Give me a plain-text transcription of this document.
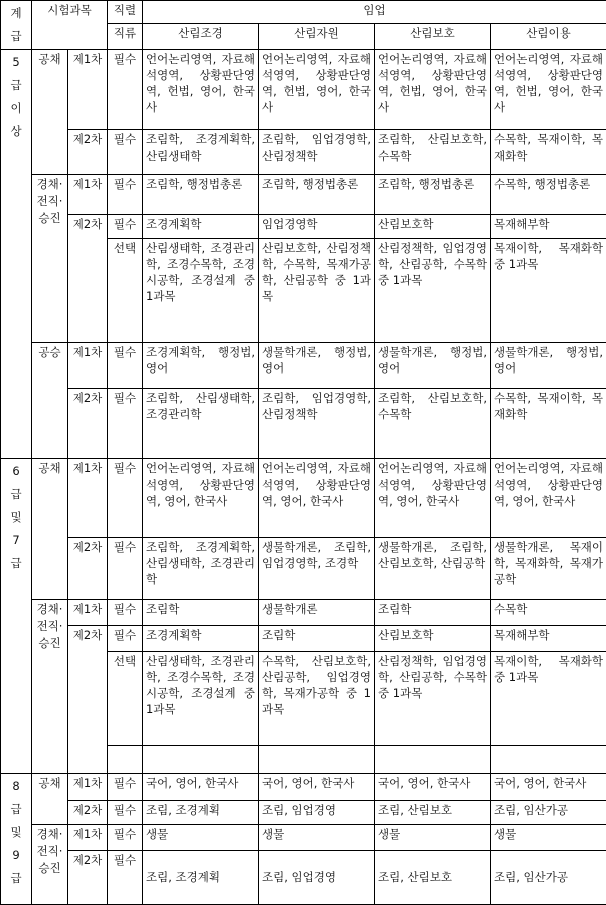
계급	시험과목		직렬	임업			
			직류	산림조경	산림자원	산림보호	산림이용
5급이상	공채	제1차	필수	언어논리영역, 자료해석영역, 상황판단영역, 헌법, 영어, 한국사	언어논리영역, 자료해석영역, 상황판단영역, 헌법, 영어, 한국사	언어논리영역, 자료해석영역, 상황판단영역, 헌법, 영어, 한국사	언어논리영역, 자료해석영역, 상황판단영역, 헌법, 영어, 한국사
		제2차	필수	조림학, 조경계획학, 산림생태학	조림학, 임업경영학, 산림정책학	조림학, 산림보호학, 수목학	수목학, 목재이학, 목재화학
	경채·전직·승진	제1차	필수	조림학, 행정법총론	조림학, 행정법총론	조림학, 행정법총론	수목학, 행정법총론
		제2차	필수	조경계획학	임업경영학	산림보호학	목재해부학
			선택	산림생태학, 조경관리학, 조경수목학, 조경시공학, 조경설계 중 1과목	산림보호학, 산림정책학, 수목학, 목재가공학, 산림공학 중 1과목	산림정책학, 임업경영학, 산림공학, 수목학 중 1과목	목재이학, 목재화학 중 1과목
	공승	제1차	필수	조경계획학, 행정법, 영어	생물학개론, 행정법, 영어	생물학개론, 행정법, 영어	생물학개론, 행정법, 영어
		제2차	필수	조림학, 산림생태학, 조경관리학	조림학, 임업경영학, 산림정책학	조림학, 산림보호학, 수목학	수목학, 목재이학, 목재화학
6급및7급	공채	제1차	필수	언어논리영역, 자료해석영역, 상황판단영역, 영어, 한국사	언어논리영역, 자료해석영역, 상황판단영역, 영어, 한국사	언어논리영역, 자료해석영역, 상황판단영역, 영어, 한국사	언어논리영역, 자료해석영역, 상황판단영역, 영어, 한국사
		제2차	필수	조림학, 조경계획학, 산림생태학, 조경관리학	생물학개론, 조림학, 임업경영학, 조경학	생물학개론, 조림학, 산림보호학, 산림공학	생물학개론, 목재이학, 목재화학, 목재가공학
	경채·전직·승진	제1차	필수	조림학	생물학개론	조림학	수목학
		제2차	필수	조경계획학	조림학	산림보호학	목재해부학
			선택	산림생태학, 조경관리학, 조경수목학, 조경시공학, 조경설계 중 1과목	수목학, 산림보호학, 산림공학, 임업경영학, 목재가공학 중 1과목	산림정책학, 임업경영학, 산림공학, 수목학 중 1과목	목재이학, 목재화학 중 1과목

8급및9급	공채	제1차	필수	국어, 영어, 한국사	국어, 영어, 한국사	국어, 영어, 한국사	국어, 영어, 한국사
		제2차	필수	조림, 조경계획	조림, 임업경영	조림, 산림보호	조림, 임산가공
	경채·전직·승진	제1차	필수	생물	생물	생물	생물
		제2차	필수	조림, 조경계획	조림, 임업경영	조림, 산림보호	조림, 임산가공
